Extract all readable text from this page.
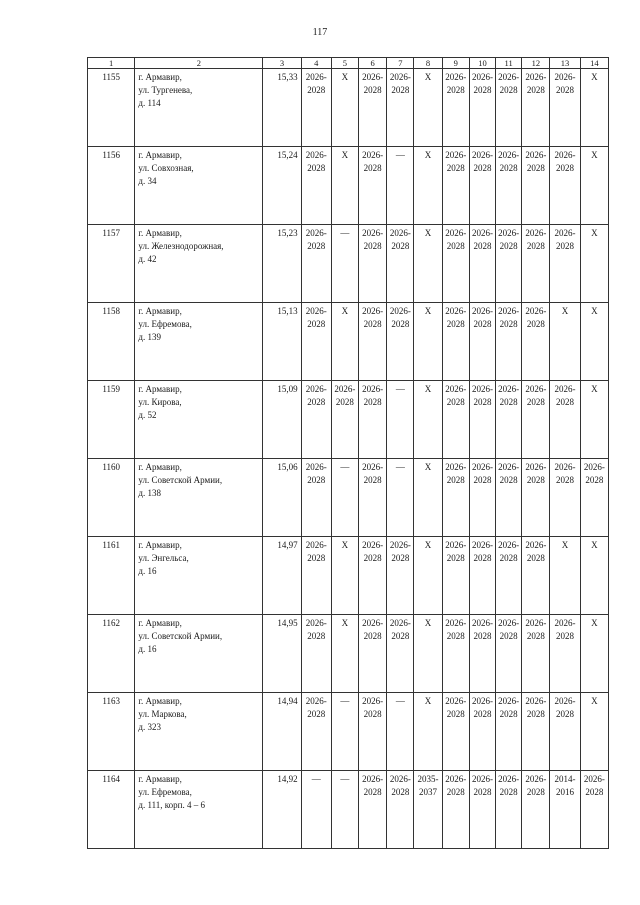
117
1	2	3	4	5	6	7	8	9	10	11	12	13	14
1155	г. Армавир,
ул. Тургенева,
д. 114	15,33	2026-2028	X	2026-2028	2026-2028	X	2026-2028	2026-2028	2026-2028	2026-2028	2026-2028	X
1156	г. Армавир,
ул. Совхозная,
д. 34	15,24	2026-2028	X	2026-2028	—	X	2026-2028	2026-2028	2026-2028	2026-2028	2026-2028	X
1157	г. Армавир,
ул. Железнодорожная,
д. 42	15,23	2026-2028	—	2026-2028	2026-2028	X	2026-2028	2026-2028	2026-2028	2026-2028	2026-2028	X
1158	г. Армавир,
ул. Ефремова,
д. 139	15,13	2026-2028	X	2026-2028	2026-2028	X	2026-2028	2026-2028	2026-2028	2026-2028	X	X
1159	г. Армавир,
ул. Кирова,
д. 52	15,09	2026-2028	2026-2028	2026-2028	—	X	2026-2028	2026-2028	2026-2028	2026-2028	2026-2028	X
1160	г. Армавир,
ул. Советской Армии,
д. 138	15,06	2026-2028	—	2026-2028	—	X	2026-2028	2026-2028	2026-2028	2026-2028	2026-2028	2026-2028
1161	г. Армавир,
ул. Энгельса,
д. 16	14,97	2026-2028	X	2026-2028	2026-2028	X	2026-2028	2026-2028	2026-2028	2026-2028	X	X
1162	г. Армавир,
ул. Советской Армии,
д. 16	14,95	2026-2028	X	2026-2028	2026-2028	X	2026-2028	2026-2028	2026-2028	2026-2028	2026-2028	X
1163	г. Армавир,
ул. Маркова,
д. 323	14,94	2026-2028	—	2026-2028	—	X	2026-2028	2026-2028	2026-2028	2026-2028	2026-2028	X
1164	г. Армавир,
ул. Ефремова,
д. 111, корп. 4 – 6	14,92	—	—	2026-2028	2026-2028	2035-2037	2026-2028	2026-2028	2026-2028	2026-2028	2014-2016	2026-2028
